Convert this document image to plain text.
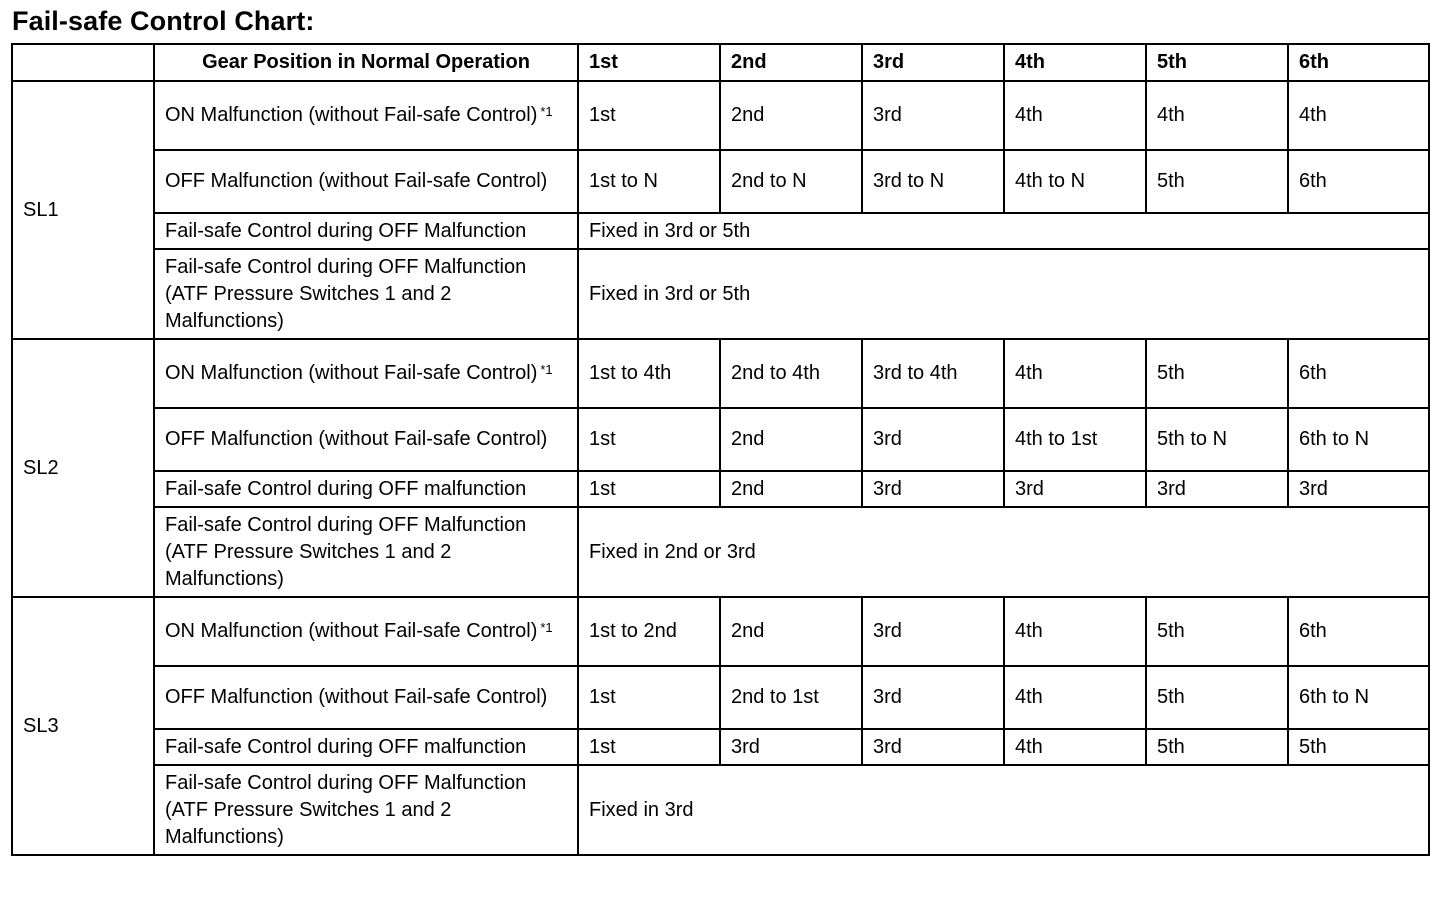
Fail-safe Control Chart:
	Gear Position in Normal Operation	1st	2nd	3rd	4th	5th	6th
SL1	ON Malfunction (without Fail-safe Control) $^{*1}$	1st	2nd	3rd	4th	4th	4th
	OFF Malfunction (without Fail-safe Control)	1st to N	2nd to N	3rd to N	4th to N	5th	6th
	Fail-safe Control during OFF Malfunction	Fixed in 3rd or 5th					
	Fail-safe Control during OFF Malfunction (ATF Pressure Switches 1 and 2 Malfunctions)	Fixed in 3rd or 5th					
SL2	ON Malfunction (without Fail-safe Control) $^{*1}$	1st to 4th	2nd to 4th	3rd to 4th	4th	5th	6th
	OFF Malfunction (without Fail-safe Control)	1st	2nd	3rd	4th to 1st	5th to N	6th to N
	Fail-safe Control during OFF malfunction	1st	2nd	3rd	3rd	3rd	3rd
	Fail-safe Control during OFF Malfunction (ATF Pressure Switches 1 and 2 Malfunctions)	Fixed in 2nd or 3rd					
SL3	ON Malfunction (without Fail-safe Control) $^{*1}$	1st to 2nd	2nd	3rd	4th	5th	6th
	OFF Malfunction (without Fail-safe Control)	1st	2nd to 1st	3rd	4th	5th	6th to N
	Fail-safe Control during OFF malfunction	1st	3rd	3rd	4th	5th	5th
	Fail-safe Control during OFF Malfunction (ATF Pressure Switches 1 and 2 Malfunctions)	Fixed in 3rd					
